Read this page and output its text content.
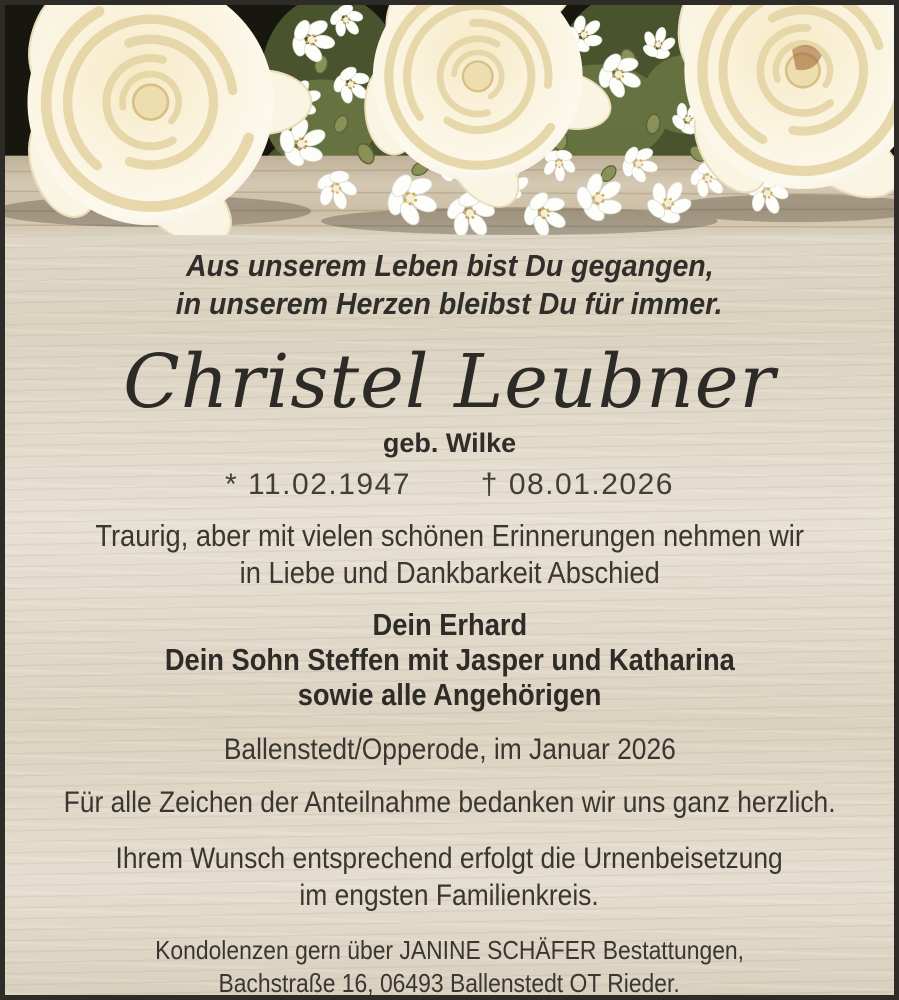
Aus unserem Leben bist Du gegangen,
in unserem Herzen bleibst Du für immer.

Christel Leubner

geb. Wilke

* 11.02.1947 † 08.01.2026

Traurig, aber mit vielen schönen Erinnerungen nehmen wir
in Liebe und Dankbarkeit Abschied

Dein Erhard
Dein Sohn Steffen mit Jasper und Katharina
sowie alle Angehörigen

Ballenstedt/Opperode, im Januar 2026

Für alle Zeichen der Anteilnahme bedanken wir uns ganz herzlich.

Ihrem Wunsch entsprechend erfolgt die Urnenbeisetzung
im engsten Familienkreis.

Kondolenzen gern über JANINE SCHÄFER Bestattungen,
Bachstraße 16, 06493 Ballenstedt OT Rieder.
